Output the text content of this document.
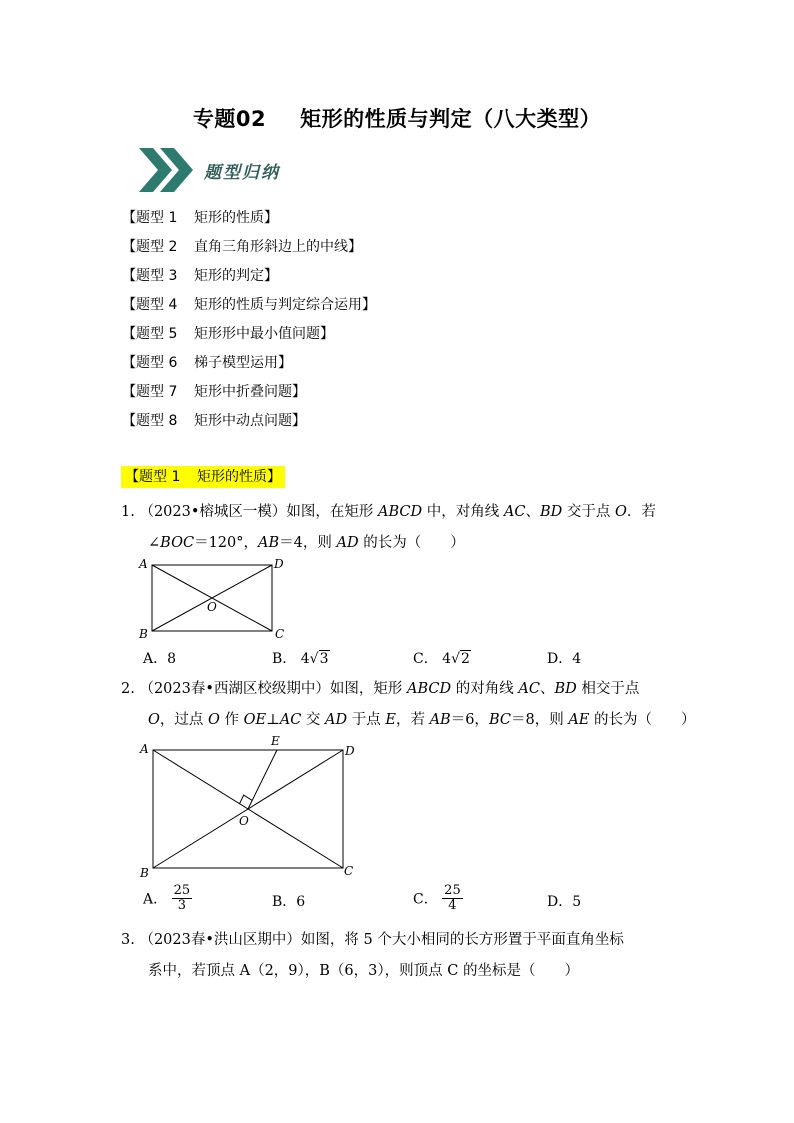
专题02 矩形的性质与判定（八大类型）
题型归纳
【题型 1 矩形的性质】
【题型 2 直角三角形斜边上的中线】
【题型 3 矩形的判定】
【题型 4 矩形的性质与判定综合运用】
【题型 5 矩形形中最小值问题】
【题型 6 梯子模型运用】
【题型 7 矩形中折叠问题】
【题型 8 矩形中动点问题】
【题型 1 矩形的性质】
1. （2023•榕城区一模）如图，在矩形 ABCD 中，对角线 AC、BD 交于点 O．若
∠BOC＝120°，AB＝4，则 AD 的长为（　　）
A	D
B	C
O
A．8	B． 4√3	C． 4√2	D．4
2. （2023春•西湖区校级期中）如图，矩形 ABCD 的对角线 AC、BD 相交于点
O，过点 O 作 OE⊥AC 交 AD 于点 E，若 AB＝6，BC＝8，则 AE 的长为（　　）
A	D
B	C
O
E
A． $\frac{25}{3}$	B．6	C． $\frac{25}{4}$	D．5
3. （2023春•洪山区期中）如图，将 5 个大小相同的长方形置于平面直角坐标
系中，若顶点 A（2，9），B（6，3），则顶点 C 的坐标是（　　）
